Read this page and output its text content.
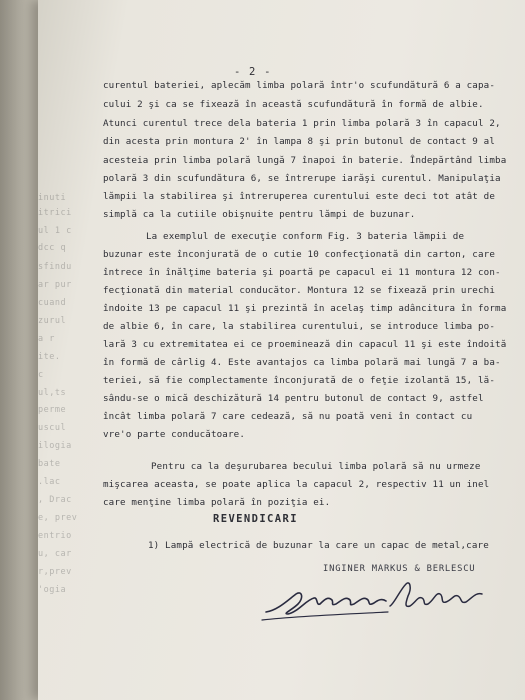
inuti
itrici
ul 1 c
dcc q
sfindu
ar pur
cuand
zurul
a r
ite.
c
ul,ts
perme
uscul
ilogia
bate
.lac
, Drac
e, prev
entrio
u, car
r,prev
'ogia
- 2 -
curentul bateriei, aplecăm limba polară într'o scufundătură 6 a capa-
cului 2 şi ca se fixează în această scufundătură în formă de albie.
Atunci curentul trece dela bateria 1 prin limba polară 3 în capacul 2,
din acesta prin montura 2' în lampa 8 şi prin butonul de contact 9 al
acesteia prin limba polară lungă 7 înapoi în baterie. Îndepărtând limba
polară 3 din scufundătura 6, se întrerupe iarăşi curentul. Manipulaţia
lămpii la stabilirea şi întreruperea curentului este deci tot atât de
simplă ca la cutiile obişnuite pentru lămpi de buzunar.
La exemplul de execuţie conform Fig. 3 bateria lămpii de
buzunar este înconjurată de o cutie 10 confecţionată din carton, care
întrece în înălţime bateria şi poartă pe capacul ei 11 montura 12 con-
fecţionată din material conducător. Montura 12 se fixează prin urechi
îndoite 13 pe capacul 11 şi prezintă în acelaş timp adâncitura în forma
de albie 6, în care, la stabilirea curentului, se introduce limba po-
lară 3 cu extremitatea ei ce proeminează din capacul 11 şi este îndoită
în formă de cârlig 4. Este avantajos ca limba polară mai lungă 7 a ba-
teriei, să fie complectamente înconjurată de o feţie izolantă 15, lă-
sându-se o mică deschizătură 14 pentru butonul de contact 9, astfel
încât limba polară 7 care cedează, să nu poată veni în contact cu
vre'o parte conducătoare.
Pentru ca la deşurubarea becului limba polară să nu urmeze
mişcarea aceasta, se poate aplica la capacul 2, respectiv 11 un inel
care menţine limba polară în poziţia ei.
REVENDICARI
1) Lampă electrică de buzunar la care un capac de metal,care
INGINER MARKUS & BERLESCU
